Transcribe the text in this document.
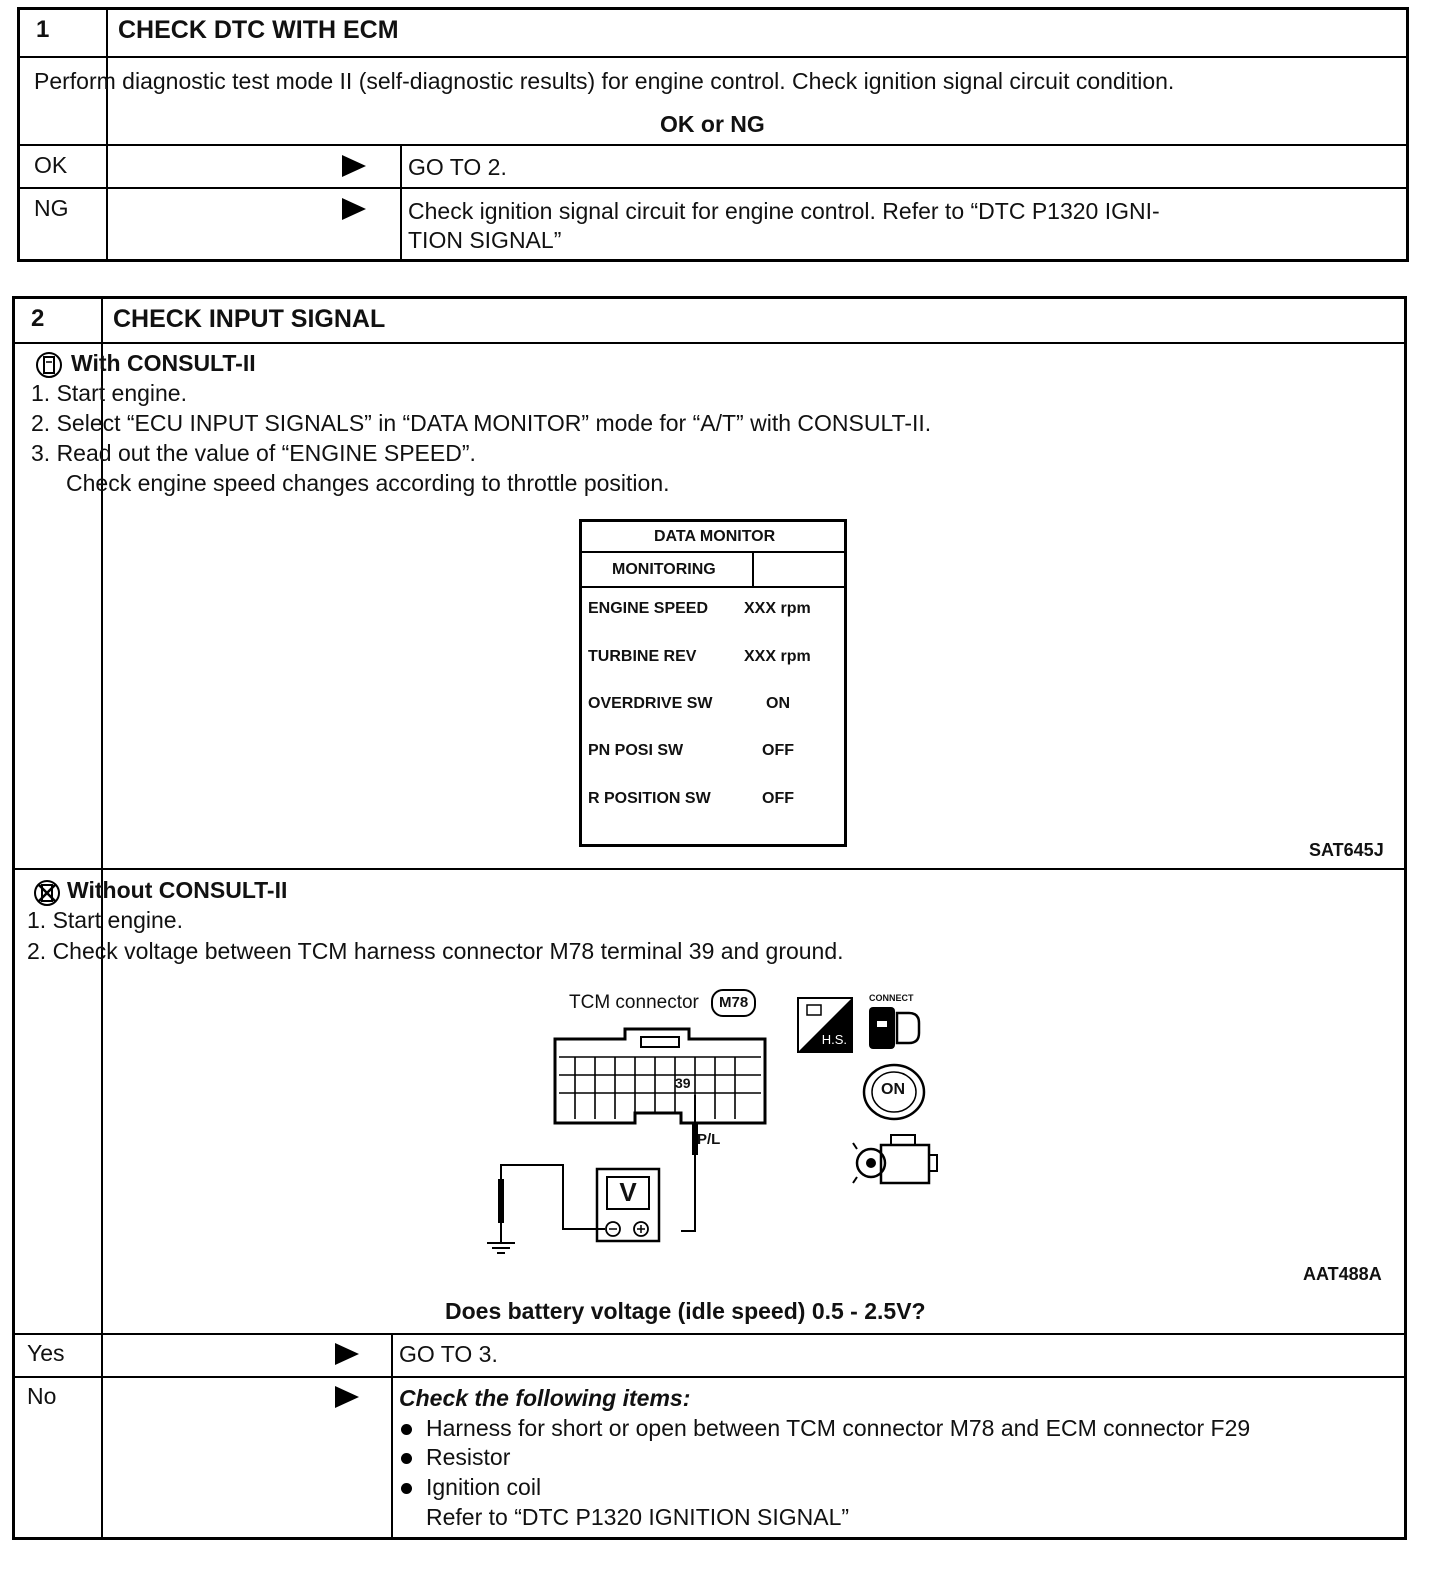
1	CHECK DTC WITH ECM
Perform diagnostic test mode II (self-diagnostic results) for engine control. Check ignition signal circuit condition.
OK or NG
OK	GO TO 2.
NG	Check ignition signal circuit for engine control. Refer to “DTC P1320 IGNI-
TION SIGNAL”
2	CHECK INPUT SIGNAL
With CONSULT-II
1. Start engine.
2. Select “ECU INPUT SIGNALS” in “DATA MONITOR” mode for “A/T” with CONSULT-II.
3. Read out the value of “ENGINE SPEED”.
Check engine speed changes according to throttle position.
DATA MONITOR
MONITORING
ENGINE SPEED XXX rpm
TURBINE REV	XXX rpm
OVERDRIVE SW	ON
PN POSI SW	OFF
R POSITION SW	OFF
SAT645J
Without CONSULT-II
1. Start engine.
2. Check voltage between TCM harness connector M78 terminal 39 and ground.
TCM connector	M78
39
P/L
V
H.S.
CONNECT
ON
AAT488A
Does battery voltage (idle speed) 0.5 - 2.5V?
Yes	GO TO 3.
No	Check the following items:
Harness for short or open between TCM connector M78 and ECM connector F29
Resistor
Ignition coil
Refer to “DTC P1320 IGNITION SIGNAL”
